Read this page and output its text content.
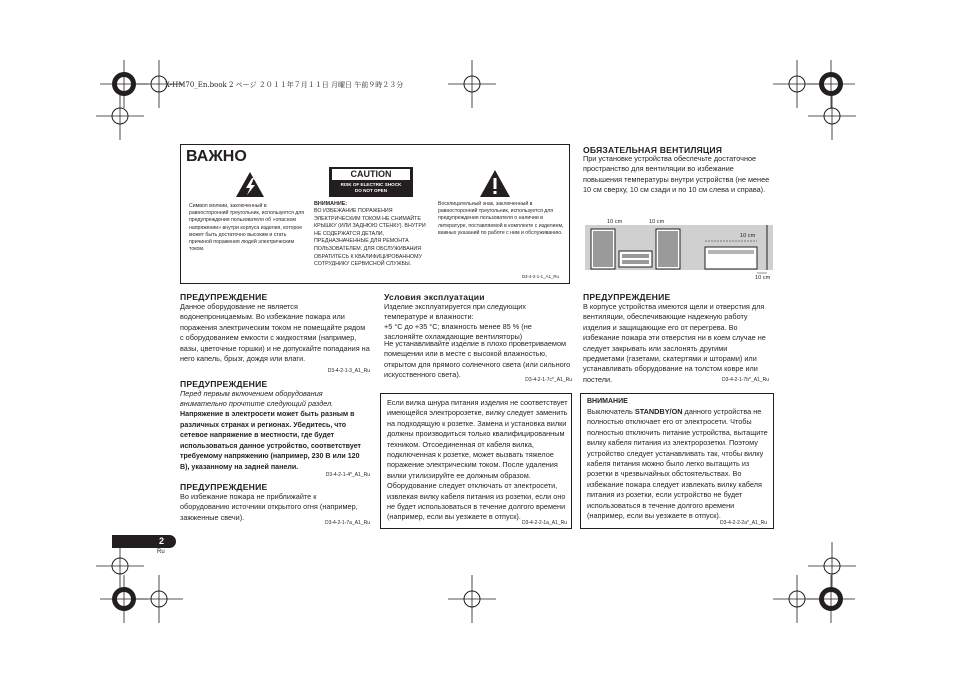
X-HM70_En.book 2 ページ ２０１１年７月１１日 月曜日 午前９時２３分
ВАЖНО
Символ молнии, заключенный в равносторонний треугольник, используется для предупреждения пользователя об «опасном напряжении» внутри корпуса изделия, которое может быть достаточно высоким и стать причиной поражения людей электрическим током.
CAUTION
RISK OF ELECTRIC SHOCK
DO NOT OPEN
ВНИМАНИЕ:
ВО ИЗБЕЖАНИЕ ПОРАЖЕНИЯ ЭЛЕКТРИЧЕСКИМ ТОКОМ НЕ СНИМАЙТЕ КРЫШКУ (ИЛИ ЗАДНЮЮ СТЕНКУ). ВНУТРИ НЕ СОДЕРЖАТСЯ ДЕТАЛИ, ПРЕДНАЗНАЧЕННЫЕ ДЛЯ РЕМОНТА ПОЛЬЗОВАТЕЛЕМ. ДЛЯ ОБСЛУЖИВАНИЯ ОБРАТИТЕСЬ К КВАЛИФИЦИРОВАННОМУ СОТРУДНИКУ СЕРВИСНОЙ СЛУЖБЫ.
Восклицательный знак, заключенный в равносторонний треугольник, используется для предупреждения пользователя о наличии в литературе, поставляемой в комплекте с изделием, важных указаний по работе с ним и обслуживанию.
D3-4-2-1-1_A1_Ru
ОБЯЗАТЕЛЬНАЯ ВЕНТИЛЯЦИЯ
При установке устройства обеспечьте достаточное пространство для вентиляции во избежание повышения температуры внутри устройства (не менее 10 см сверху, 10 см сзади и по 10 см слева и справа).
10 cm	10 cm
10 cm
10 cm
ПРЕДУПРЕЖДЕНИЕ
Данное оборудование не является водонепроницаемым. Во избежание пожара или поражения электрическим током не помещайте рядом с оборудованием емкости с жидкостями (например, вазы, цветочные горшки) и не допускайте попадания на него капель, брызг, дождя или влаги.
D3-4-2-1-3_A1_Ru
ПРЕДУПРЕЖДЕНИЕ
Перед первым включением оборудования внимательно прочтите следующий раздел.
Напряжение в электросети может быть разным в различных странах и регионах. Убедитесь, что сетевое напряжение в местности, где будет использоваться данное устройство, соответствует требуемому напряжению (например, 230 В или 120 В), указанному на задней панели.
D3-4-2-1-4*_A1_Ru
ПРЕДУПРЕЖДЕНИЕ
Во избежание пожара не приближайте к оборудованию источники открытого огня (например, зажженные свечи).
D3-4-2-1-7a_A1_Ru
Условия эксплуатации
Изделие эксплуатируется при следующих температуре и влажности:
+5 °C до +35 °C; влажность менее 85 % (не заслоняйте охлаждающие вентиляторы)
Не устанавливайте изделие в плохо проветриваемом помещении или в месте с высокой влажностью, открытом для прямого солнечного света (или сильного искусственного света).
D3-4-2-1-7c*_A1_Ru
Если вилка шнура питания изделия не соответствует имеющейся электророзетке, вилку следует заменить на подходящую к розетке. Замена и установка вилки должны производиться только квалифицированным техником. Отсоединенная от кабеля вилка, подключенная к розетке, может вызвать тяжелое поражение электрическим током. После удаления вилки утилизируйте ее должным образом. Оборудование следует отключать от электросети, извлекая вилку кабеля питания из розетки, если оно не будет использоваться в течение долгого времени (например, если вы уезжаете в отпуск).
D3-4-2-2-1a_A1_Ru
ПРЕДУПРЕЖДЕНИЕ
В корпусе устройства имеются щели и отверстия для вентиляции, обеспечивающие надежную работу изделия и защищающие его от перегрева. Во избежание пожара эти отверстия ни в коем случае не следует закрывать или заслонять другими предметами (газетами, скатертями и шторами) или устанавливать оборудование на толстом ковре или постели.	D3-4-2-1-7b*_A1_Ru
ВНИМАНИЕ
Выключатель STANDBY/ON данного устройства не полностью отключает его от электросети. Чтобы полностью отключить питание устройства, вытащите вилку кабеля питания из электророзетки. Поэтому устройство следует устанавливать так, чтобы вилку кабеля питания можно было легко вытащить из розетки в чрезвычайных обстоятельствах. Во избежание пожара следует извлекать вилку кабеля питания из розетки, если устройство не будет использоваться в течение долгого времени (например, если вы уезжаете в отпуск).
D3-4-2-2-2a*_A1_Ru
2
Ru
